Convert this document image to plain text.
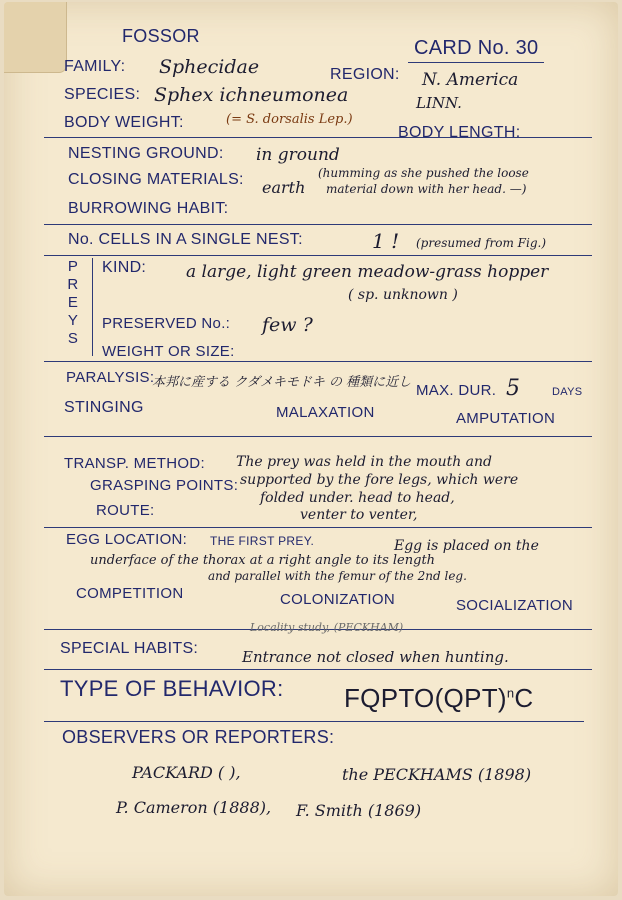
FOSSOR
CARD No. 30
FAMILY: Sphecidae	REGION: N. America
SPECIES: Sphex ichneumonea	LINN.
BODY WEIGHT:	(= S. dorsalis Lep.)
BODY LENGTH:
NESTING GROUND: in ground
CLOSING MATERIALS: earth
(humming as she pushed the loose
material down with her head. —)
BURROWING HABIT:
No. CELLS IN A SINGLE NEST:	1 ! (presumed from Fig.)
PREYS
KIND: a large, light green meadow-grass hopper
( sp. unknown )
PRESERVED No.: few ?
WEIGHT OR SIZE:
PARALYSIS:
本邦に産する クダメキモドキ の 種類に近し MAX. DUR. 5	DAYS
STINGING	MALAXATION	AMPUTATION
TRANSP. METHOD: The prey was held in the mouth and
GRASPING POINTS: supported by the fore legs, which were
folded under. head to head,
ROUTE:	venter to venter,
EGG LOCATION: THE FIRST PREY.	Egg is placed on the
underface of the thorax at a right angle to its length
and parallel with the femur of the 2nd leg.
COMPETITION	COLONIZATION	SOCIALIZATION
Locality study, (PECKHAM)
SPECIAL HABITS:	Entrance not closed when hunting.
TYPE OF BEHAVIOR: FQPTO(QPT)$^n$C
OBSERVERS OR REPORTERS:
PACKARD ( ),	the PECKHAMS (1898)
P. Cameron (1888), F. Smith (1869)
